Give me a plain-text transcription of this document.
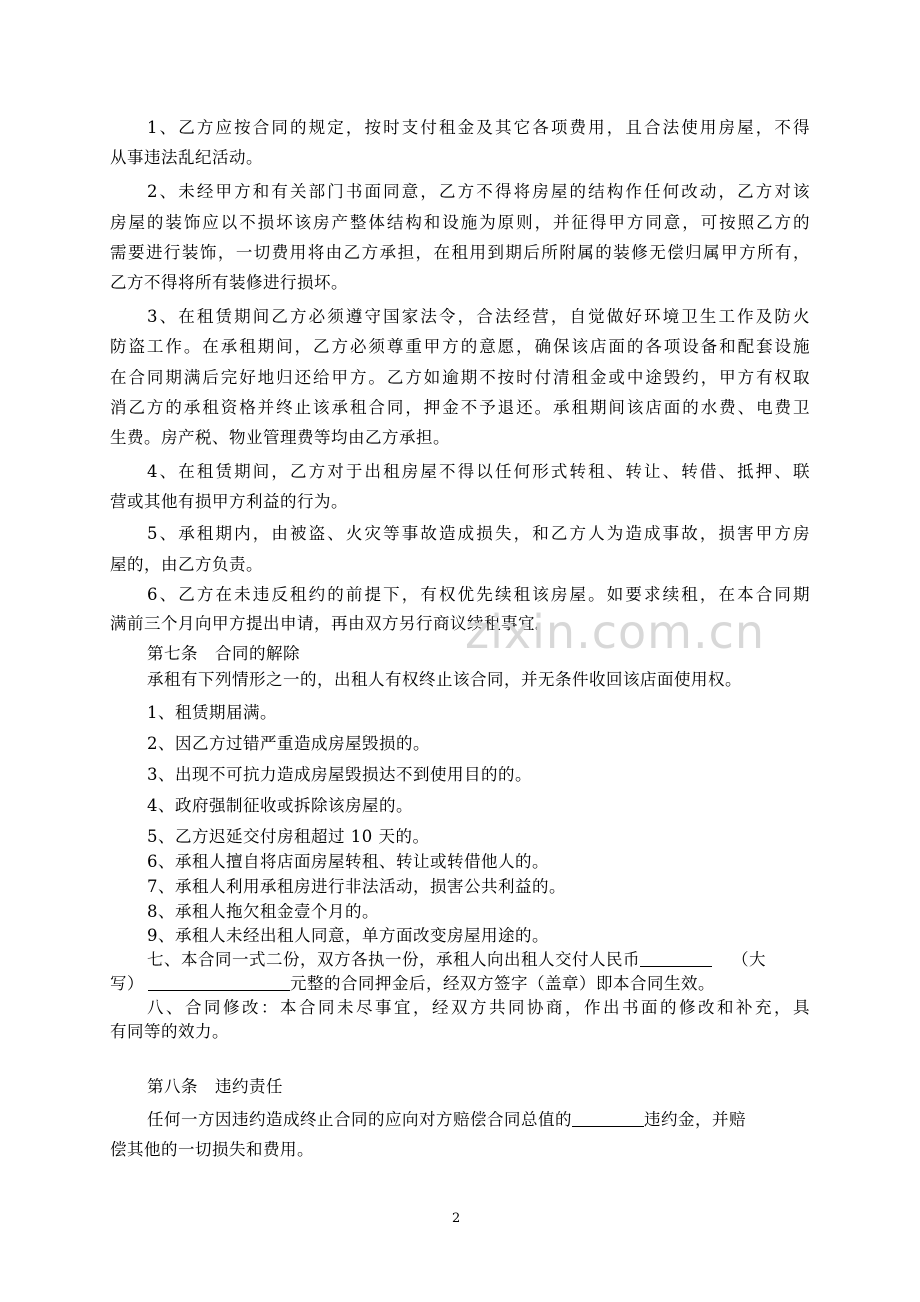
1、乙方应按合同的规定，按时支付租金及其它各项费用，且合法使用房屋，不得
从事违法乱纪活动。
2、未经甲方和有关部门书面同意，乙方不得将房屋的结构作任何改动，乙方对该
房屋的装饰应以不损坏该房产整体结构和设施为原则，并征得甲方同意，可按照乙方的
需要进行装饰，一切费用将由乙方承担，在租用到期后所附属的装修无偿归属甲方所有，
乙方不得将所有装修进行损坏。
3、在租赁期间乙方必须遵守国家法令，合法经营，自觉做好环境卫生工作及防火
防盗工作。在承租期间，乙方必须尊重甲方的意愿，确保该店面的各项设备和配套设施
在合同期满后完好地归还给甲方。乙方如逾期不按时付清租金或中途毁约，甲方有权取
消乙方的承租资格并终止该承租合同，押金不予退还。承租期间该店面的水费、电费卫
生费。房产税、物业管理费等均由乙方承担。
4、在租赁期间，乙方对于出租房屋不得以任何形式转租、转让、转借、抵押、联
营或其他有损甲方利益的行为。
5、承租期内，由被盗、火灾等事故造成损失，和乙方人为造成事故，损害甲方房
屋的，由乙方负责。
6、乙方在未违反租约的前提下，有权优先续租该房屋。如要求续租，在本合同期
满前三个月向甲方提出申请，再由双方另行商议续租事宜。
第七条　合同的解除
承租有下列情形之一的，出租人有权终止该合同，并无条件收回该店面使用权。
1、租赁期届满。
2、因乙方过错严重造成房屋毁损的。
3、出现不可抗力造成房屋毁损达不到使用目的的。
4、政府强制征收或拆除该房屋的。
5、乙方迟延交付房租超过 10 天的。
6、承租人擅自将店面房屋转租、转让或转借他人的。
7、承租人利用承租房进行非法活动，损害公共利益的。
8、承租人拖欠租金壹个月的。
9、承租人未经出租人同意，单方面改变房屋用途的。
七、本合同一式二份，双方各执一份，承租人向出租人交付人民币	（大
写）	元整的合同押金后，经双方签字（盖章）即本合同生效。
八、合同修改：本合同未尽事宜，经双方共同协商，作出书面的修改和补充，具
有同等的效力。
第八条　违约责任
任何一方因违约造成终止合同的应向对方赔偿合同总值的	违约金，并赔
偿其他的一切损失和费用。
zixin.com.cn
2
